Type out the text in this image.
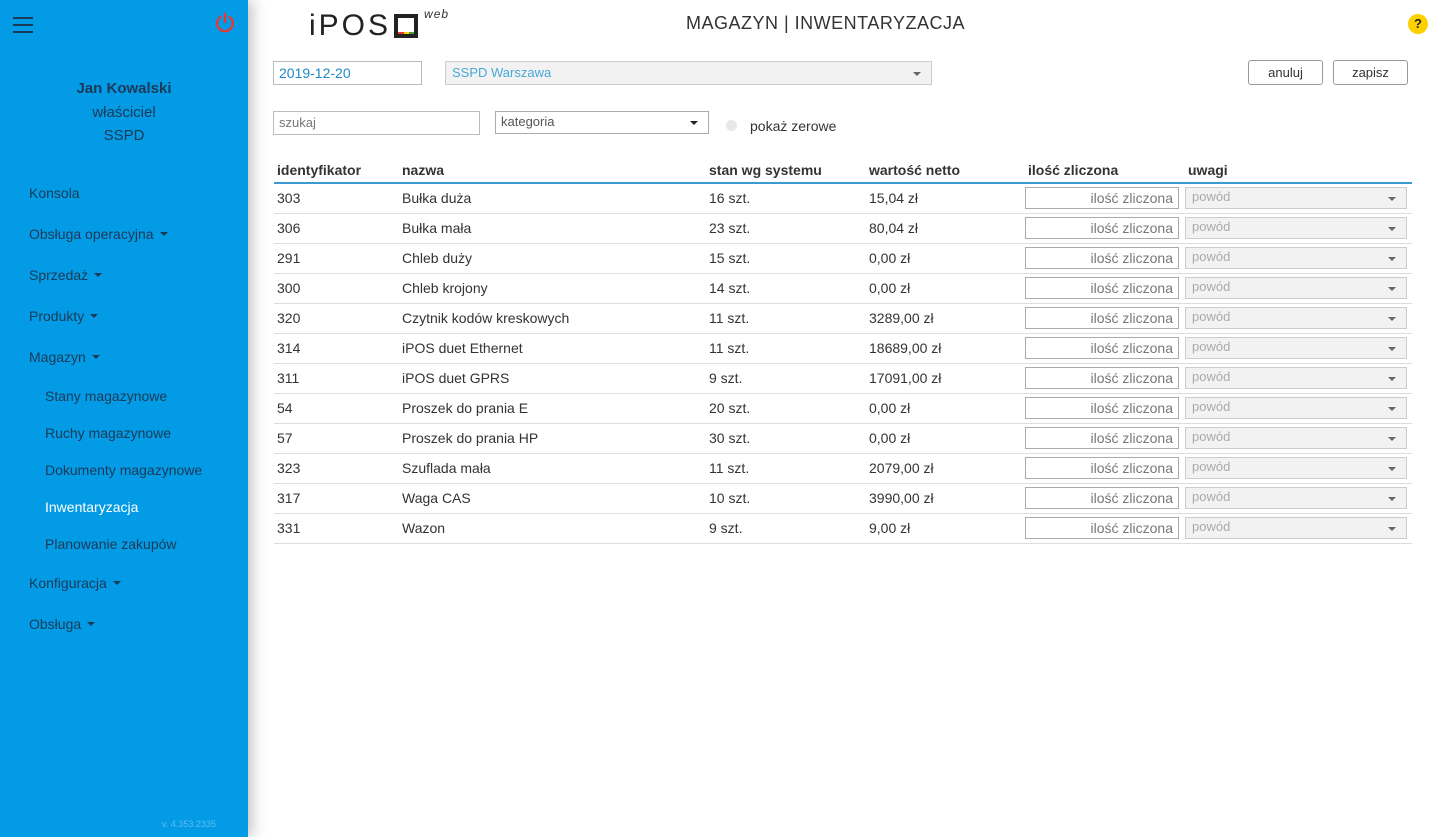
Jan Kowalski
właściciel
SSPD
Konsola
Obsługa operacyjna
Sprzedaż
Produkty
Magazyn
Stany magazynowe
Ruchy magazynowe
Dokumenty magazynowe
Inwentaryzacja
Planowanie zakupów
Konfiguracja
Obsługa
v. 4.353.2335
iPOS	web	MAGAZYN | INWENTARYZACJA	?
2019-12-20	SSPD Warszawa	anuluj	zapisz
szukaj	kategoria	pokaż zerowe
identyfikator	nazwa	stan wg systemu	wartość netto	ilość zliczona	uwagi
303	Bułka duża	16 szt.	15,04 zł	ilość zliczona	powód

306	Bułka mała	23 szt.	80,04 zł	ilość zliczona	powód

291	Chleb duży	15 szt.	0,00 zł	ilość zliczona	powód

300	Chleb krojony	14 szt.	0,00 zł	ilość zliczona	powód

320	Czytnik kodów kreskowych	11 szt.	3289,00 zł	ilość zliczona	powód

314	iPOS duet Ethernet	11 szt.	18689,00 zł	ilość zliczona	powód

311	iPOS duet GPRS	9 szt.	17091,00 zł	ilość zliczona	powód

54	Proszek do prania E	20 szt.	0,00 zł	ilość zliczona	powód

57	Proszek do prania HP	30 szt.	0,00 zł	ilość zliczona	powód

323	Szuflada mała	11 szt.	2079,00 zł	ilość zliczona	powód

317	Waga CAS	10 szt.	3990,00 zł	ilość zliczona	powód

331	Wazon	9 szt.	9,00 zł	ilość zliczona	powód
